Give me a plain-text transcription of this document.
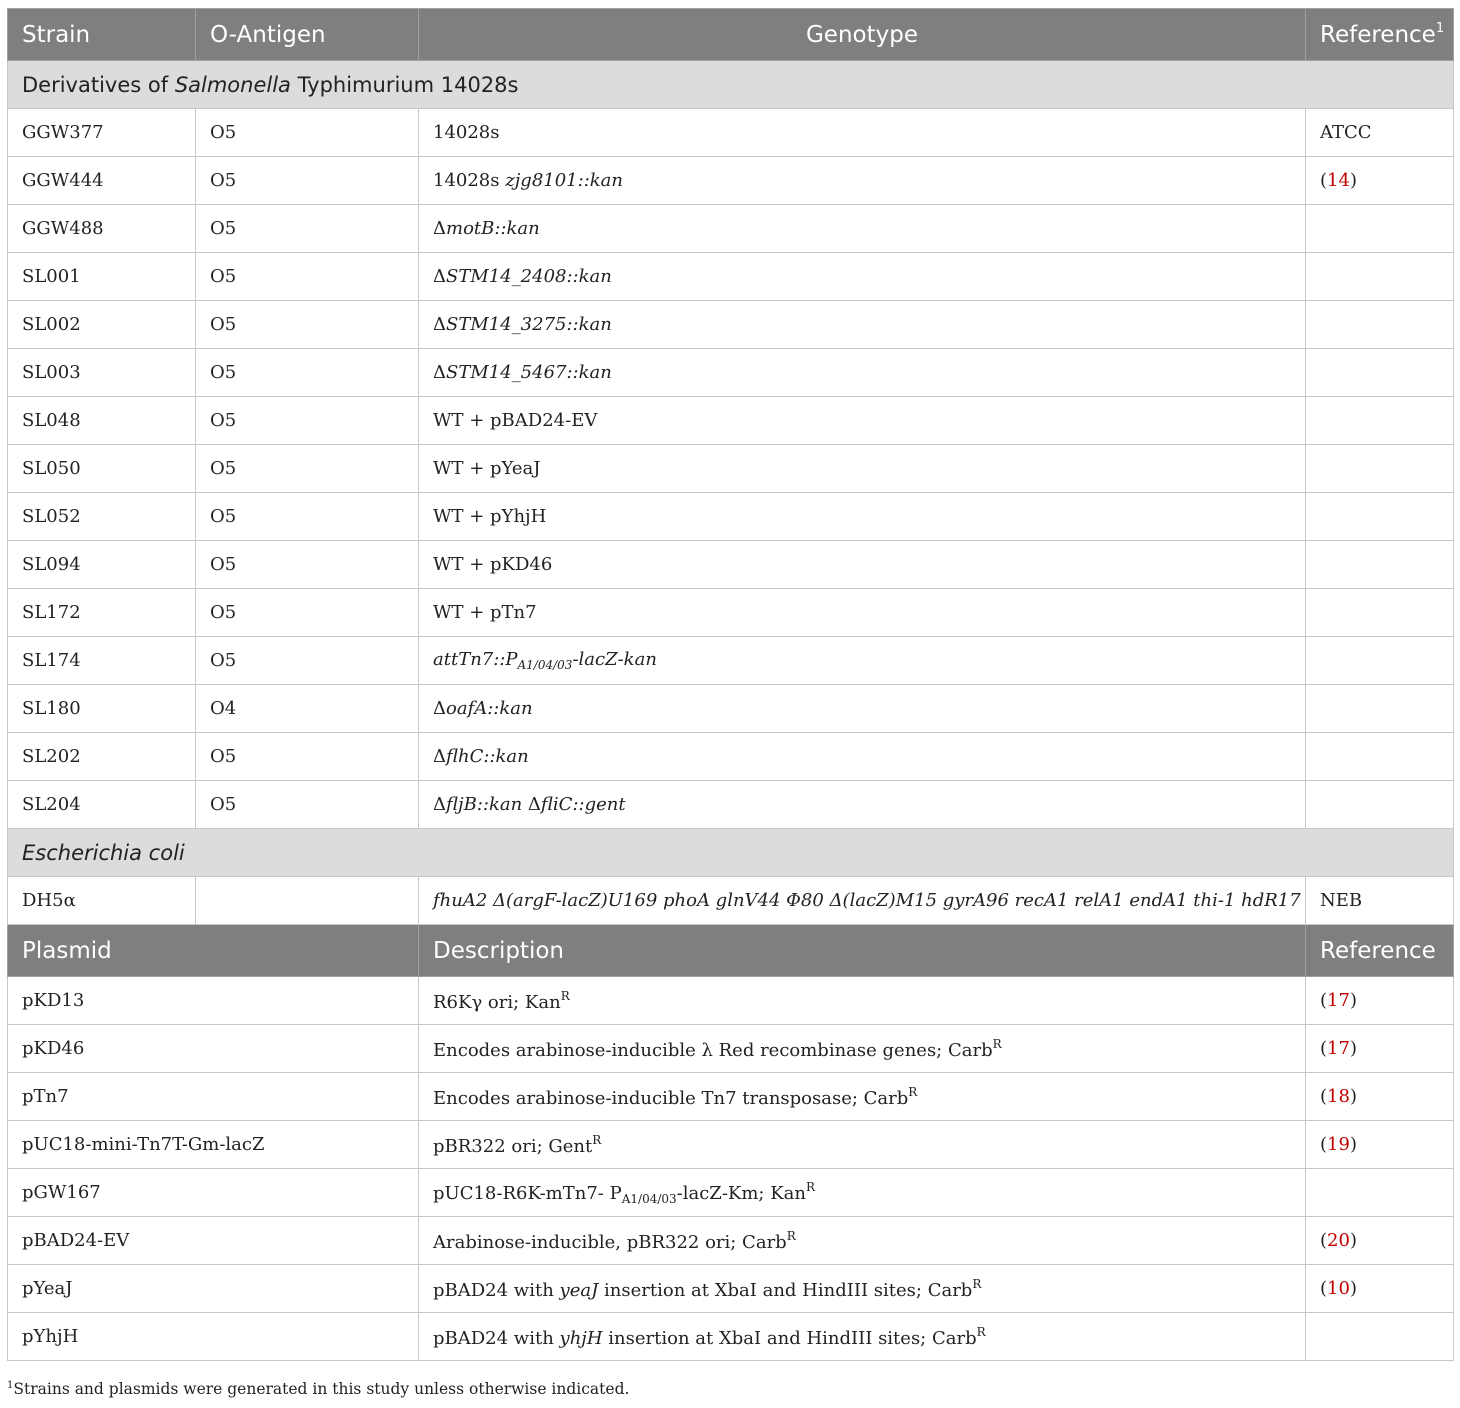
Strain	O-Antigen	Genotype	Reference$^1$
Derivatives of Salmonella Typhimurium 14028s			
GGW377	O5	14028s	ATCC
GGW444	O5	14028s zjg8101::kan	(14)
GGW488	O5	ΔmotB::kan	
SL001	O5	ΔSTM14_2408::kan	
SL002	O5	ΔSTM14_3275::kan	
SL003	O5	ΔSTM14_5467::kan	
SL048	O5	WT + pBAD24-EV	
SL050	O5	WT + pYeaJ	
SL052	O5	WT + pYhjH	
SL094	O5	WT + pKD46	
SL172	O5	WT + pTn7	
SL174	O5	$attTn7::P_{A1/04/03}-lacZ$-kan	
SL180	O4	ΔoafA::kan	
SL202	O5	ΔflhC::kan	
SL204	O5	ΔfljB::kan ΔfliC::gent	
Escherichia coli			
DH5α		fhuA2 Δ(argF-lacZ)U169 phoA glnV44 Φ80 Δ(lacZ)M15 gyrA96 recA1 relA1 endA1 thi-1 hdR17	NEB
Plasmid		Description	Reference
pKD13		R6Kγ ori; Kan$^R$	(17)
pKD46		Encodes arabinose-inducible λ Red recombinase genes; Carb$^R$	(17)
pTn7		Encodes arabinose-inducible Tn7 transposase; Carb$^R$	(18)
pUC18-mini-Tn7T-Gm-lacZ		pBR322 ori; Gent$^R$	(19)
pGW167		pUC18-R6K-mTn7- $P_{A1/04/03}-lacZ-Km$; Kan$^R$	
pBAD24-EV		Arabinose-inducible, pBR322 ori; Carb$^R$	(20)
pYeaJ		pBAD24 with yeaJ insertion at XbaI and HindIII sites; Carb$^R$	(10)
pYhjH		pBAD24 with yhjH insertion at XbaI and HindIII sites; Carb$^R$	
$^1$Strains and plasmids were generated in this study unless otherwise indicated.
